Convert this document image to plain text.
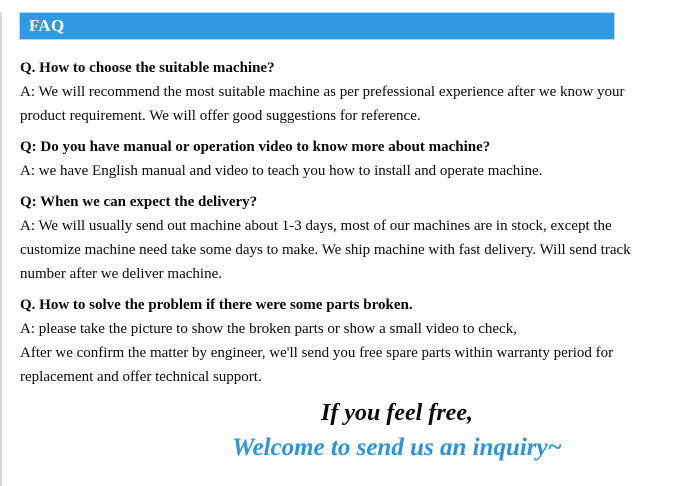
FAQ
Q. How to choose the suitable machine?
A: We will recommend the most suitable machine as per prefessional experience after we know your
product requirement. We will offer good suggestions for reference.
Q: Do you have manual or operation video to know more about machine?
A: we have English manual and video to teach you how to install and operate machine.
Q: When we can expect the delivery?
A: We will usually send out machine about 1-3 days, most of our machines are in stock, except the
customize machine need take some days to make. We ship machine with fast delivery. Will send track
number after we deliver machine.
Q. How to solve the problem if there were some parts broken.
A: please take the picture to show the broken parts or show a small video to check,
After we confirm the matter by engineer, we'll send you free spare parts within warranty period for
replacement and offer technical support.
If you feel free,
Welcome to send us an inquiry~
